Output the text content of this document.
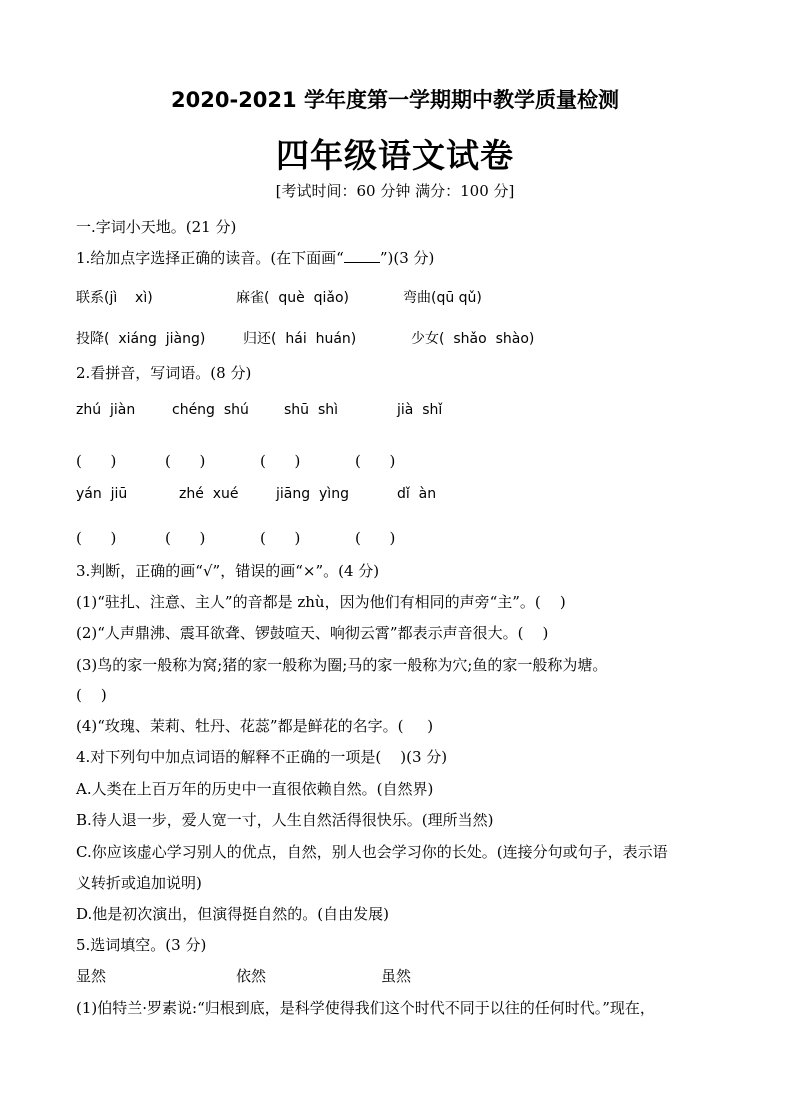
2020-2021 学年度第一学期期中教学质量检测
四年级语文试卷
[考试时间：60 分钟 满分：100 分]
一.字词小天地。(21 分)
1.给加点字选择正确的读音。(在下面画“ ”)(3 分)
联系(jì    xì)	麻雀(  què  qiǎo)	弯曲(qū qǔ)
投降(  xiáng  jiàng)	归还(  hái  huán)	少女(  shǎo  shào)
2.看拼音，写词语。(8 分)
zhú  jiàn	chéng  shú	shū  shì	jià  shǐ
(      )	(      )	(      )	(      )
yán  jiū	zhé  xué	jiāng  yìng	dǐ  àn
(      )	(      )	(      )	(      )
3.判断，正确的画“√”，错误的画“×”。(4 分)
(1)“驻扎、注意、主人”的音都是 zhù，因为他们有相同的声旁“主”。(    )
(2)“人声鼎沸、震耳欲聋、锣鼓喧天、响彻云霄”都表示声音很大。(    )
(3)鸟的家一般称为窝;猪的家一般称为圈;马的家一般称为穴;鱼的家一般称为塘。
(    )
(4)“玫瑰、茉莉、牡丹、花蕊”都是鲜花的名字。(     )
4.对下列句中加点词语的解释不正确的一项是(    )(3 分)
A.人类在上百万年的历史中一直很依赖自然。(自然界)
B.待人退一步，爱人宽一寸，人生自然活得很快乐。(理所当然)
C.你应该虚心学习别人的优点，自然，别人也会学习你的长处。(连接分句或句子，表示语
义转折或追加说明)
D.他是初次演出，但演得挺自然的。(自由发展)
5.选词填空。(3 分)
显然	依然	虽然
(1)伯特兰·罗素说:“归根到底，是科学使得我们这个时代不同于以往的任何时代。”现在，
